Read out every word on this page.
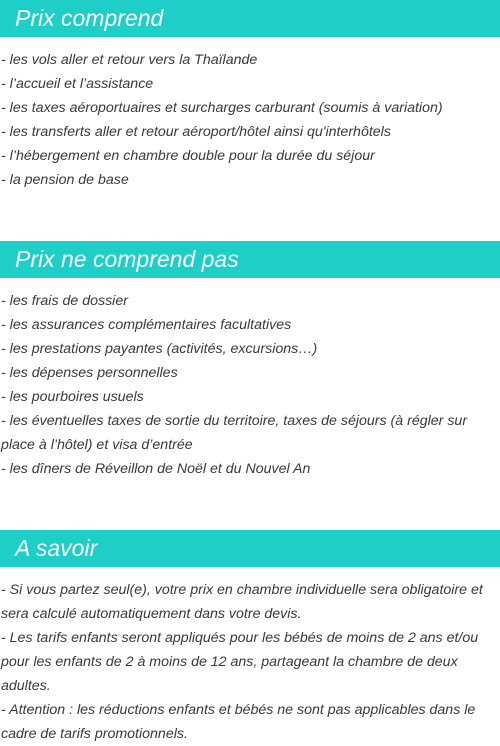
Prix comprend
- les vols aller et retour vers la Thaïlande
- l’accueil et l’assistance
- les taxes aéroportuaires et surcharges carburant (soumis à variation)
- les transferts aller et retour aéroport/hôtel ainsi qu'interhôtels
- l’hébergement en chambre double pour la durée du séjour
- la pension de base
Prix ne comprend pas
- les frais de dossier
- les assurances complémentaires facultatives
- les prestations payantes (activités, excursions…)
- les dépenses personnelles
- les pourboires usuels
- les éventuelles taxes de sortie du territoire, taxes de séjours (à régler sur place à l’hôtel) et visa d’entrée
- les dîners de Réveillon de Noël et du Nouvel An
A savoir
- Si vous partez seul(e), votre prix en chambre individuelle sera obligatoire et sera calculé automatiquement dans votre devis.
- Les tarifs enfants seront appliqués pour les bébés de moins de 2 ans et/ou pour les enfants de 2 à moins de 12 ans, partageant la chambre de deux adultes.
- Attention : les réductions enfants et bébés ne sont pas applicables dans le cadre de tarifs promotionnels.
